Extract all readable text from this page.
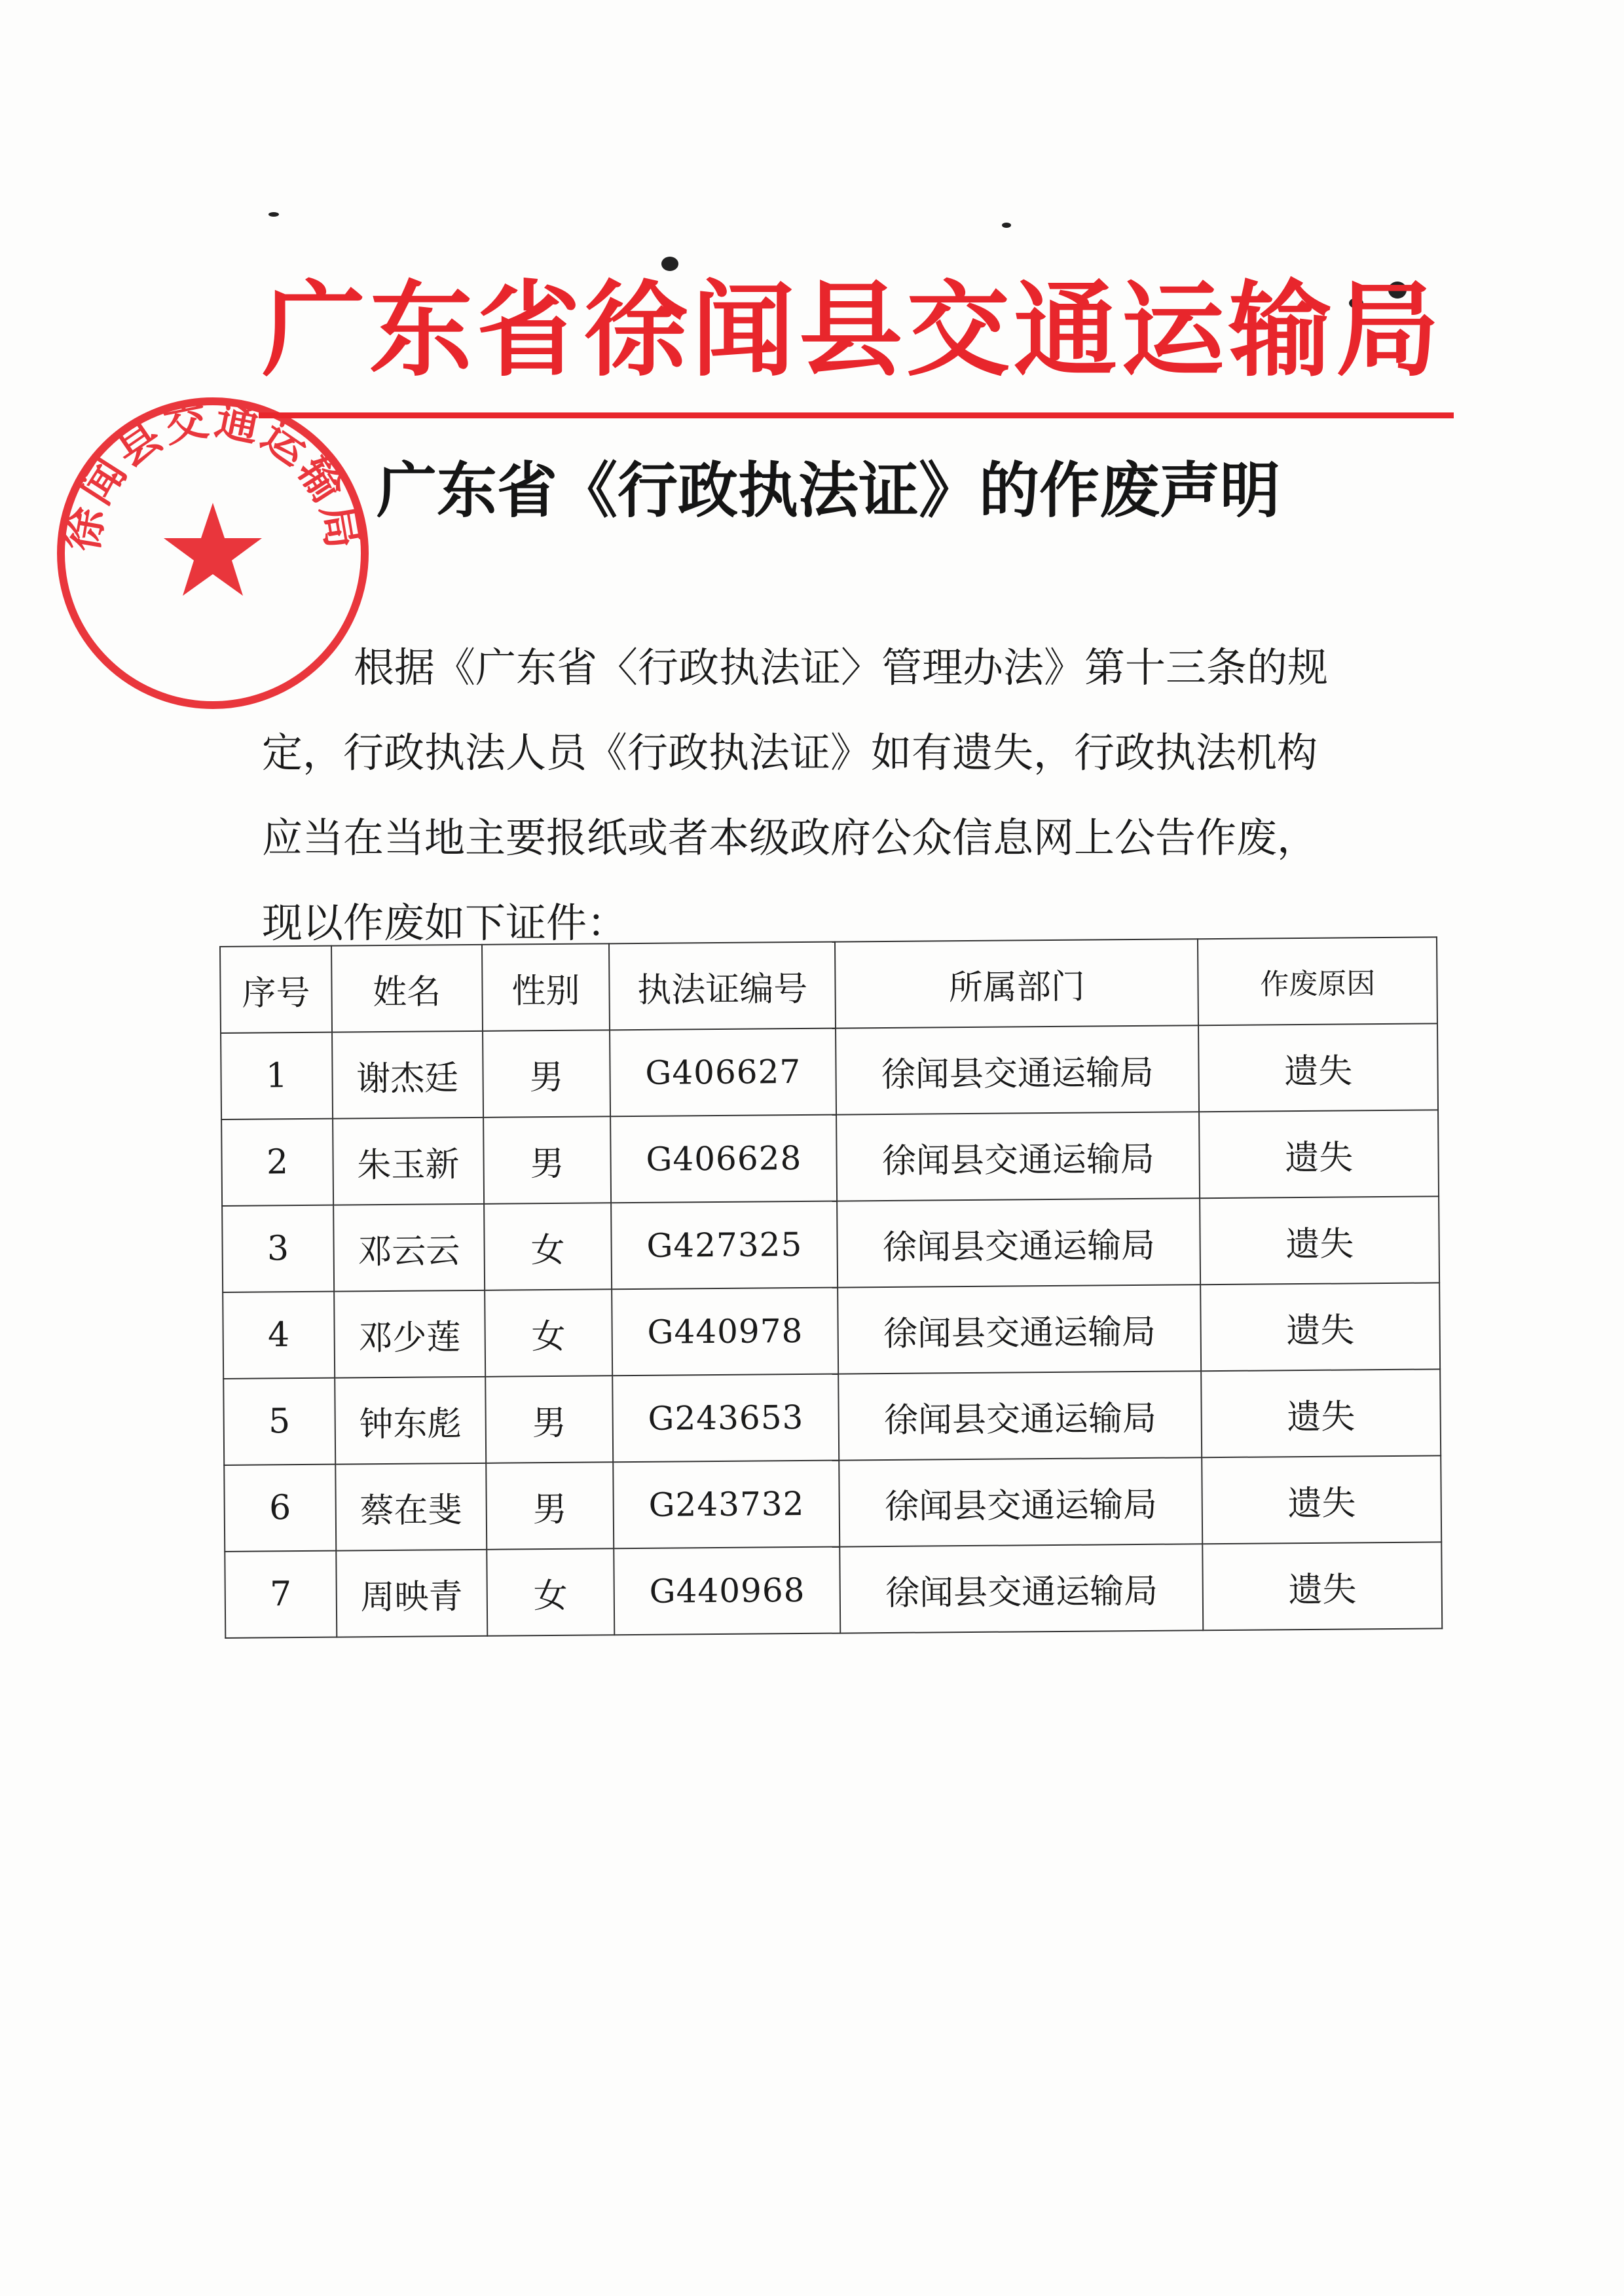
广东省徐闻县交通运输局
广东省《行政执法证》的作废声明
根据《广东省〈行政执法证〉管理办法》第十三条的规
定，行政执法人员《行政执法证》如有遗失，行政执法机构
应当在当地主要报纸或者本级政府公众信息网上公告作废，
现以作废如下证件：
徐闻县交通运输局
序号	姓名	性别	执法证编号	所属部门	作废原因
1	谢杰廷	男	G406627	徐闻县交通运输局	遗失
2	朱玉新	男	G406628	徐闻县交通运输局	遗失
3	邓云云	女	G427325	徐闻县交通运输局	遗失
4	邓少莲	女	G440978	徐闻县交通运输局	遗失
5	钟东彪	男	G243653	徐闻县交通运输局	遗失
6	蔡在斐	男	G243732	徐闻县交通运输局	遗失
7	周映青	女	G440968	徐闻县交通运输局	遗失
